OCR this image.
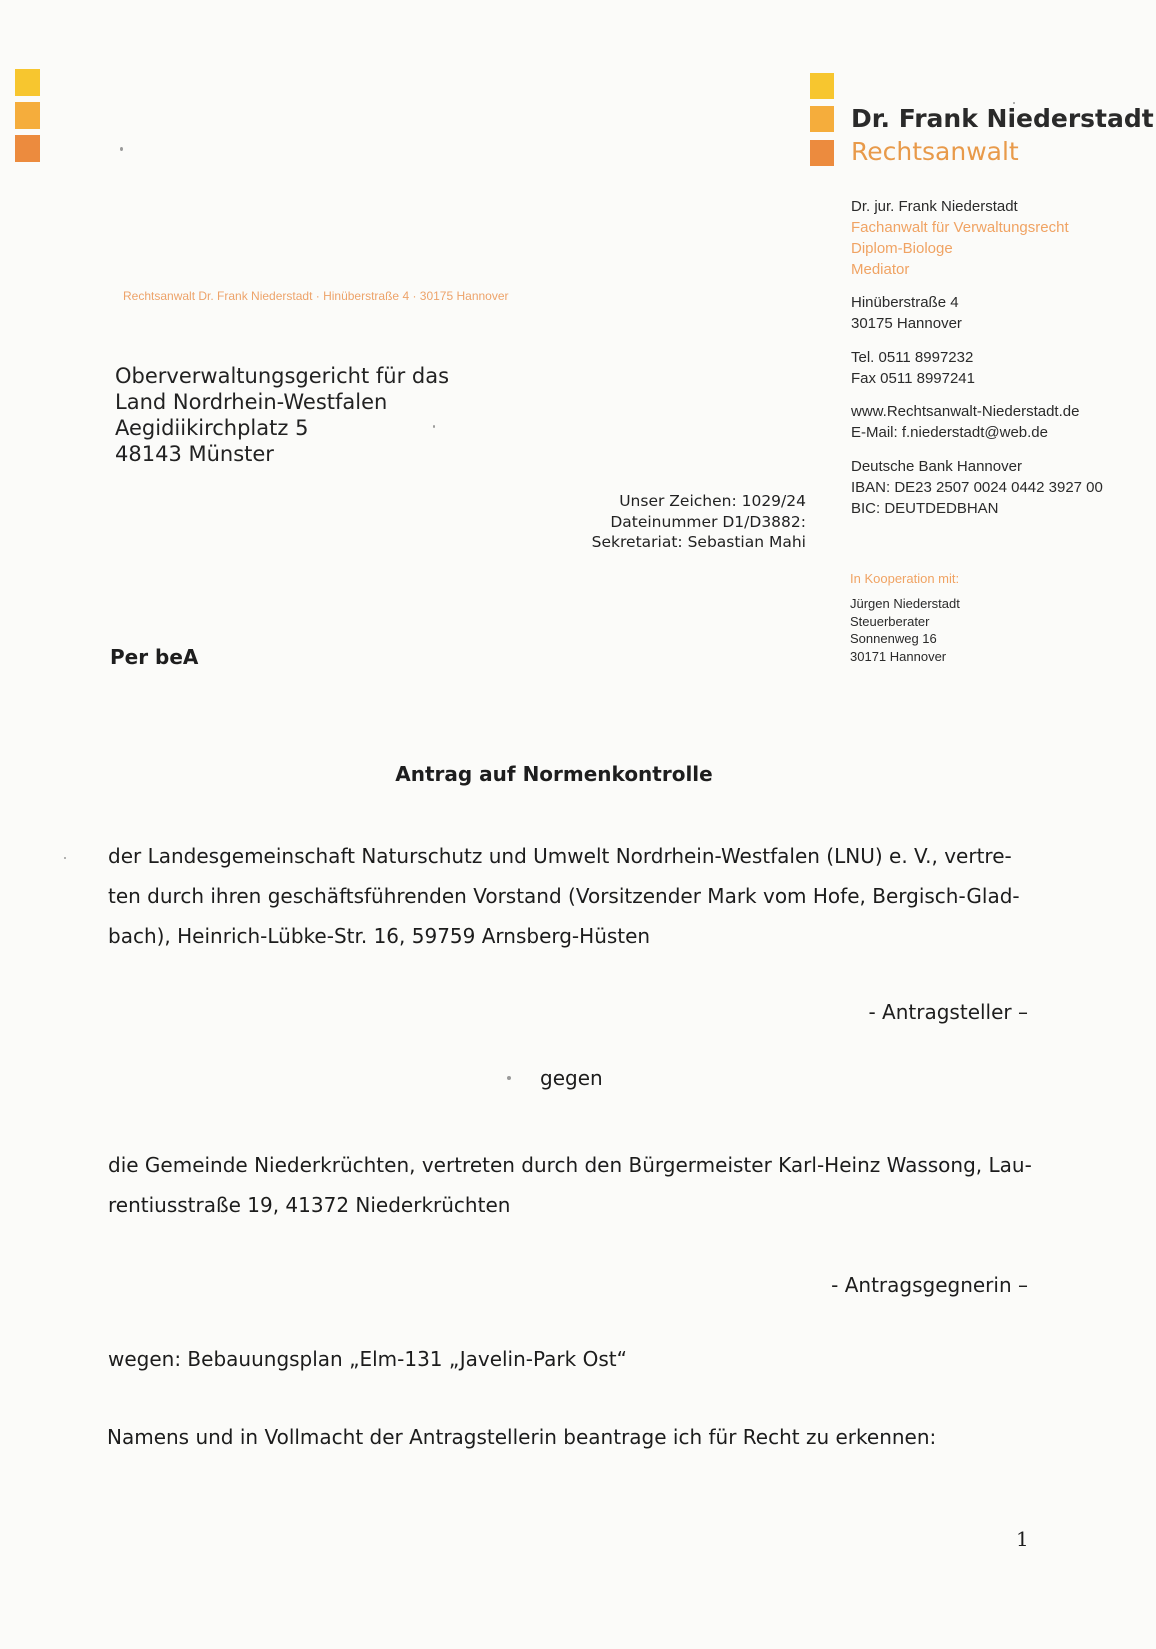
Dr. Frank Niederstadt
Rechtsanwalt
Dr. jur. Frank Niederstadt
Fachanwalt für Verwaltungsrecht
Diplom-Biologe
Mediator
Hinüberstraße 4
30175 Hannover
Tel. 0511 8997232
Fax 0511 8997241
www.Rechtsanwalt-Niederstadt.de
E-Mail: f.niederstadt@web.de
Deutsche Bank Hannover
IBAN: DE23 2507 0024 0442 3927 00
BIC: DEUTDEDBHAN
In Kooperation mit:
Jürgen Niederstadt
Steuerberater
Sonnenweg 16
30171 Hannover
Rechtsanwalt Dr. Frank Niederstadt · Hinüberstraße 4 · 30175 Hannover
Oberverwaltungsgericht für das
Land Nordrhein-Westfalen
Aegidiikirchplatz 5
48143 Münster
Unser Zeichen: 1029/24
Dateinummer D1/D3882:
Sekretariat: Sebastian Mahi
Per beA
Antrag auf Normenkontrolle
der Landesgemeinschaft Naturschutz und Umwelt Nordrhein-Westfalen (LNU) e. V., vertre-
ten durch ihren geschäftsführenden Vorstand (Vorsitzender Mark vom Hofe, Bergisch-Glad-
bach), Heinrich-Lübke-Str. 16, 59759 Arnsberg-Hüsten
- Antragsteller –
gegen
die Gemeinde Niederkrüchten, vertreten durch den Bürgermeister Karl-Heinz Wassong, Lau-
rentiusstraße 19, 41372 Niederkrüchten
- Antragsgegnerin –
wegen: Bebauungsplan „Elm-131 „Javelin-Park Ost“
Namens und in Vollmacht der Antragstellerin beantrage ich für Recht zu erkennen:
1
